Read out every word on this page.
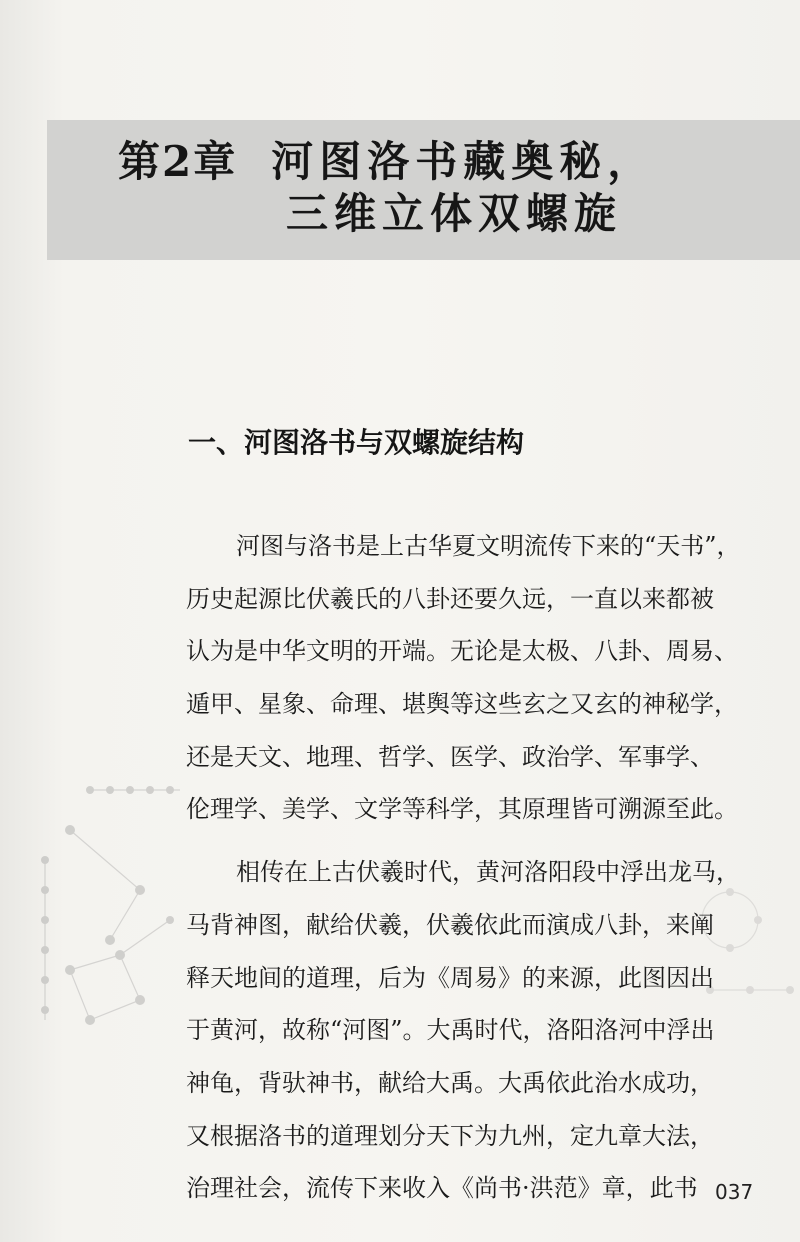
第2章 河图洛书藏奥秘，
三维立体双螺旋
一、河图洛书与双螺旋结构
河图与洛书是上古华夏文明流传下来的“天书”，
历史起源比伏羲氏的八卦还要久远，一直以来都被
认为是中华文明的开端。无论是太极、八卦、周易、
遁甲、星象、命理、堪舆等这些玄之又玄的神秘学，
还是天文、地理、哲学、医学、政治学、军事学、
伦理学、美学、文学等科学，其原理皆可溯源至此。
相传在上古伏羲时代，黄河洛阳段中浮出龙马，
马背神图，献给伏羲，伏羲依此而演成八卦，来阐
释天地间的道理，后为《周易》的来源，此图因出
于黄河，故称“河图”。大禹时代，洛阳洛河中浮出
神龟，背驮神书，献给大禹。大禹依此治水成功，
又根据洛书的道理划分天下为九州，定九章大法，
治理社会，流传下来收入《尚书·洪范》章，此书 037
